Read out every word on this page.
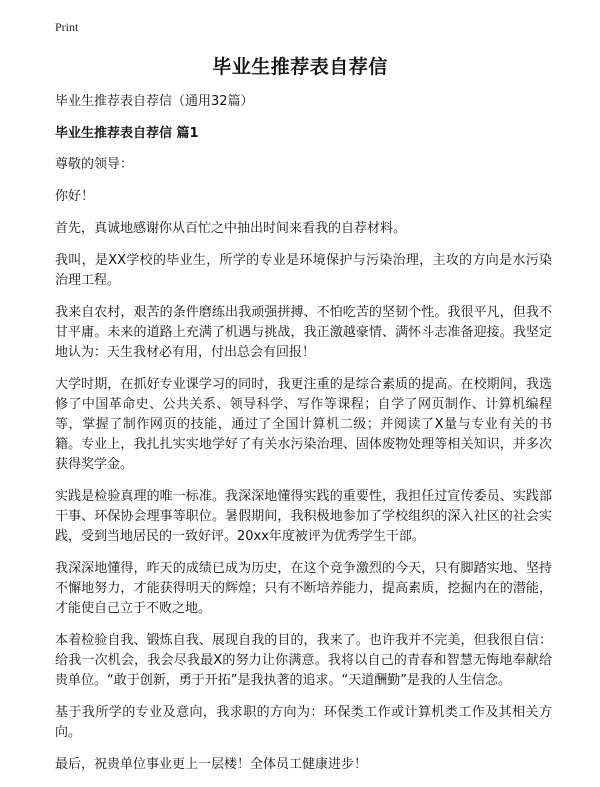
Print
毕业生推荐表自荐信

毕业生推荐表自荐信（通用32篇）

毕业生推荐表自荐信 篇1

尊敬的领导：

你好！

首先，真诚地感谢你从百忙之中抽出时间来看我的自荐材料。

我叫，是XX学校的毕业生，所学的专业是环境保护与污染治理，主攻的方向是水污染治理工程。

我来自农村，艰苦的条件磨练出我顽强拼搏、不怕吃苦的坚韧个性。我很平凡，但我不甘平庸。未来的道路上充满了机遇与挑战，我正激越豪情、满怀斗志准备迎接。我坚定地认为：天生我材必有用，付出总会有回报！

大学时期，在抓好专业课学习的同时，我更注重的是综合素质的提高。在校期间，我选修了中国革命史、公共关系、领导科学、写作等课程；自学了网页制作、计算机编程等，掌握了制作网页的技能，通过了全国计算机二级；并阅读了X量与专业有关的书籍。专业上，我扎扎实实地学好了有关水污染治理、固体废物处理等相关知识，并多次获得奖学金。

实践是检验真理的唯一标准。我深深地懂得实践的重要性，我担任过宣传委员、实践部干事、环保协会理事等职位。暑假期间，我积极地参加了学校组织的深入社区的社会实践，受到当地居民的一致好评。20xx年度被评为优秀学生干部。

我深深地懂得，昨天的成绩已成为历史，在这个竞争激烈的今天，只有脚踏实地、坚持不懈地努力，才能获得明天的辉煌；只有不断培养能力，提高素质，挖掘内在的潜能，才能使自己立于不败之地。

本着检验自我、锻炼自我、展现自我的目的，我来了。也许我并不完美，但我很自信：给我一次机会，我会尽我最X的努力让你满意。我将以自己的青春和智慧无悔地奉献给贵单位。“敢于创新，勇于开拓”是我执著的追求。“天道酬勤”是我的人生信念。

基于我所学的专业及意向，我求职的方向为：环保类工作或计算机类工作及其相关方向。

最后，祝贵单位事业更上一层楼！全体员工健康进步！
